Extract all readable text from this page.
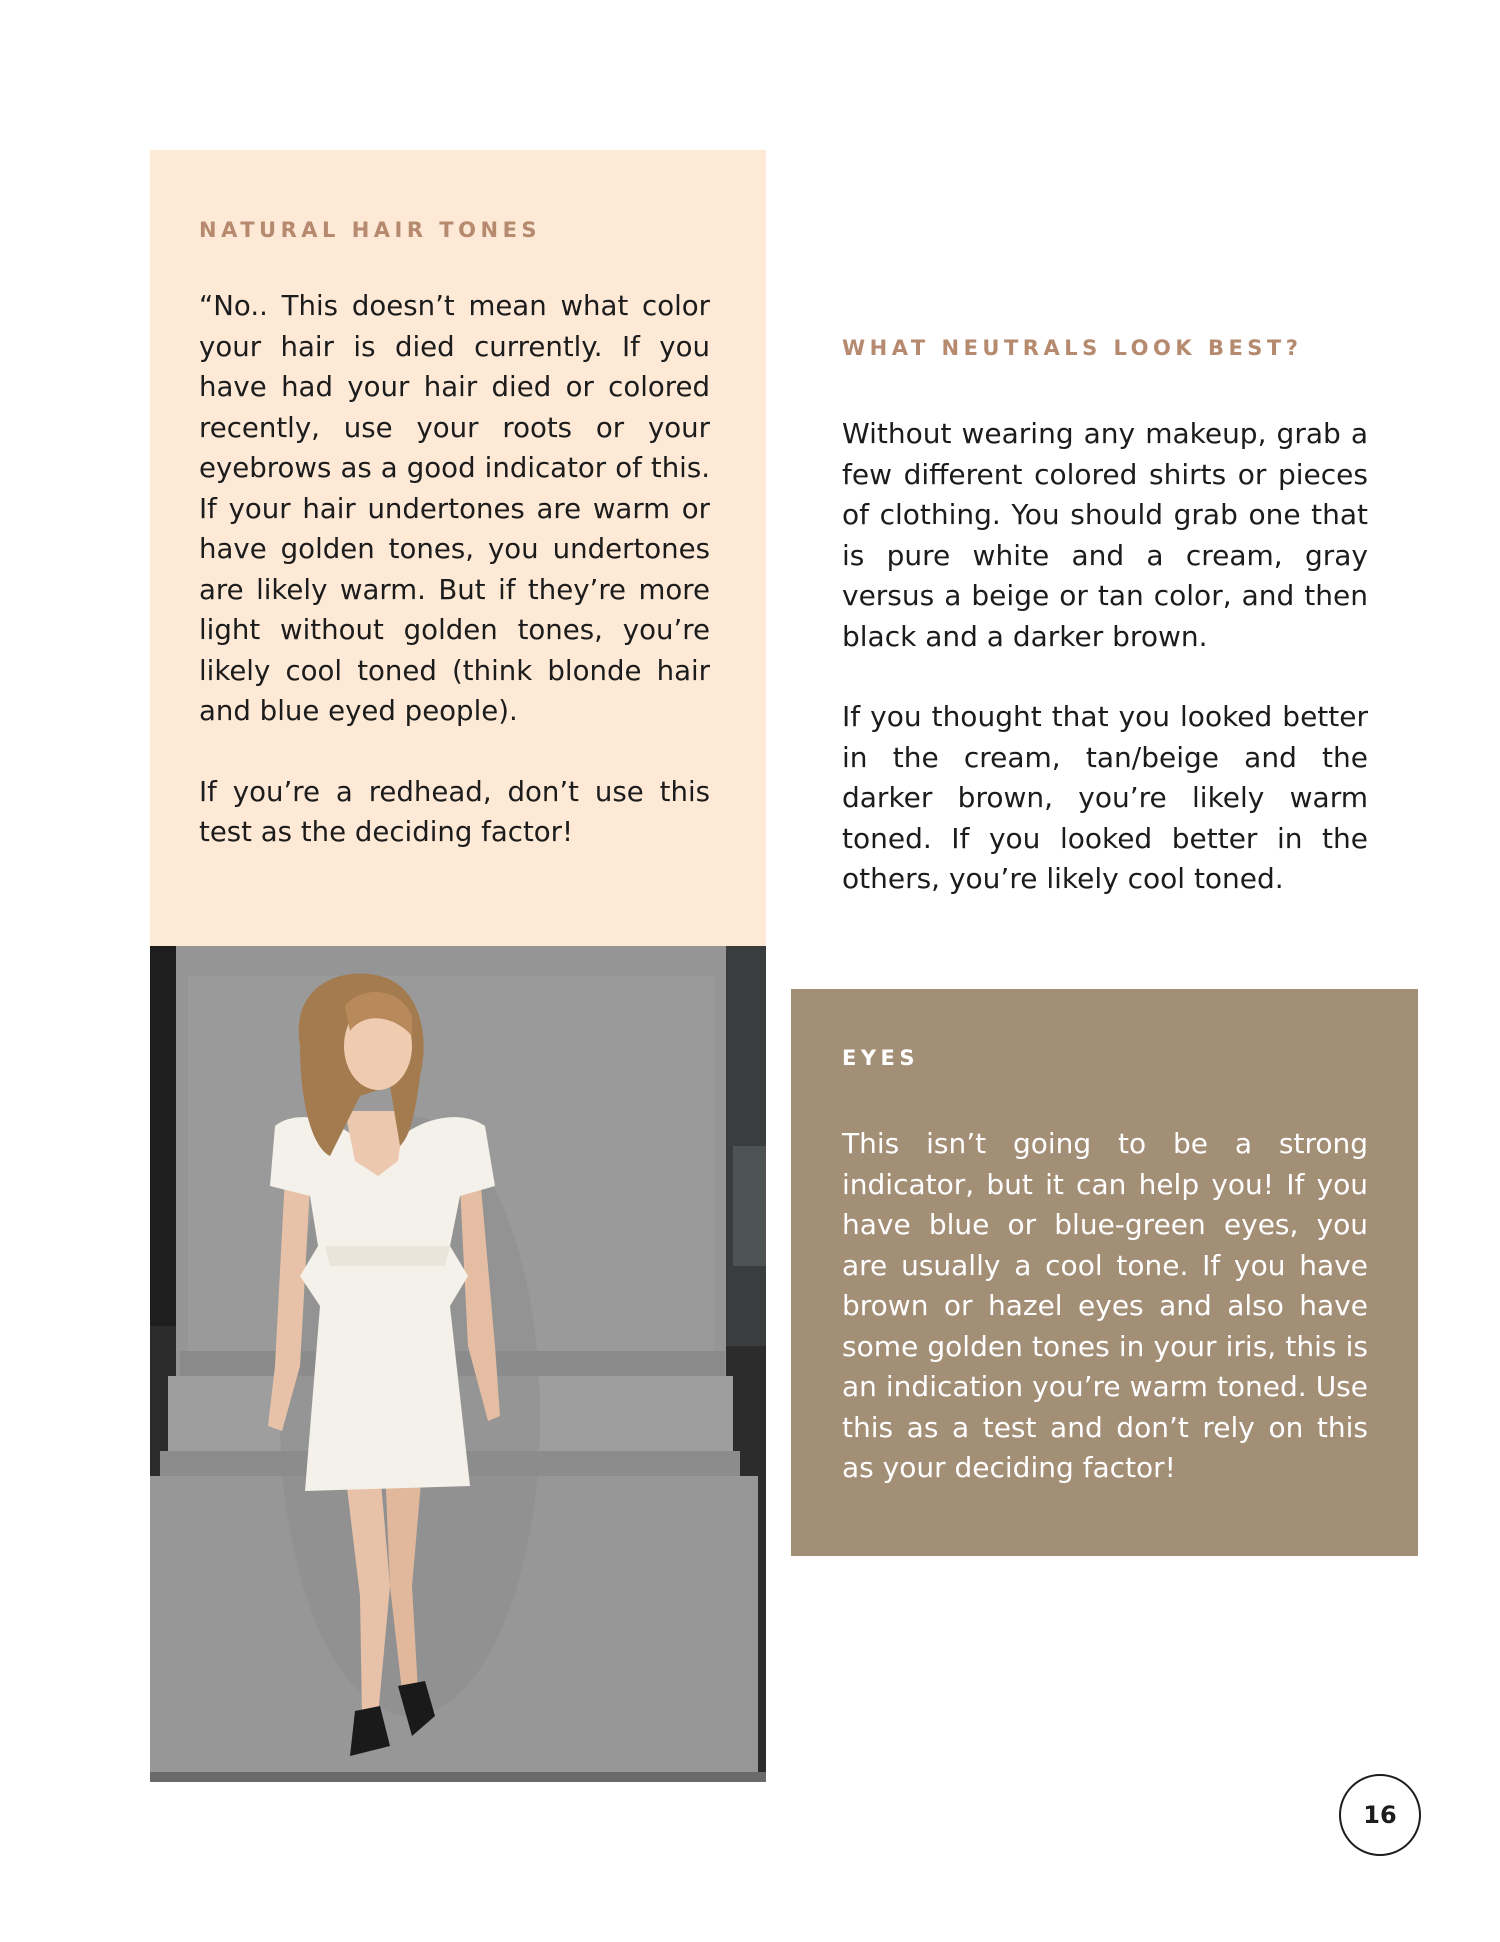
NATURAL HAIR TONES

“No.. This doesn’t mean what color your hair is died currently. If you have had your hair died or colored recently, use your roots or your eyebrows as a good indicator of this. If your hair undertones are warm or have golden tones, you undertones are likely warm. But if they’re more light without golden tones, you’re likely cool toned (think blonde hair and blue eyed people).

If you’re a redhead, don’t use this test as the deciding factor!

WHAT NEUTRALS LOOK BEST?

Without wearing any makeup, grab a few different colored shirts or pieces of clothing. You should grab one that is pure white and a cream, gray versus a beige or tan color, and then black and a darker brown.

If you thought that you looked better in the cream, tan/beige and the darker brown, you’re likely warm toned. If you looked better in the others, you’re likely cool toned.

EYES

This isn’t going to be a strong indicator, but it can help you! If you have blue or blue-green eyes, you are usually a cool tone. If you have brown or hazel eyes and also have some golden tones in your iris, this is an indication you’re warm toned. Use this as a test and don’t rely on this as your deciding factor!

16
